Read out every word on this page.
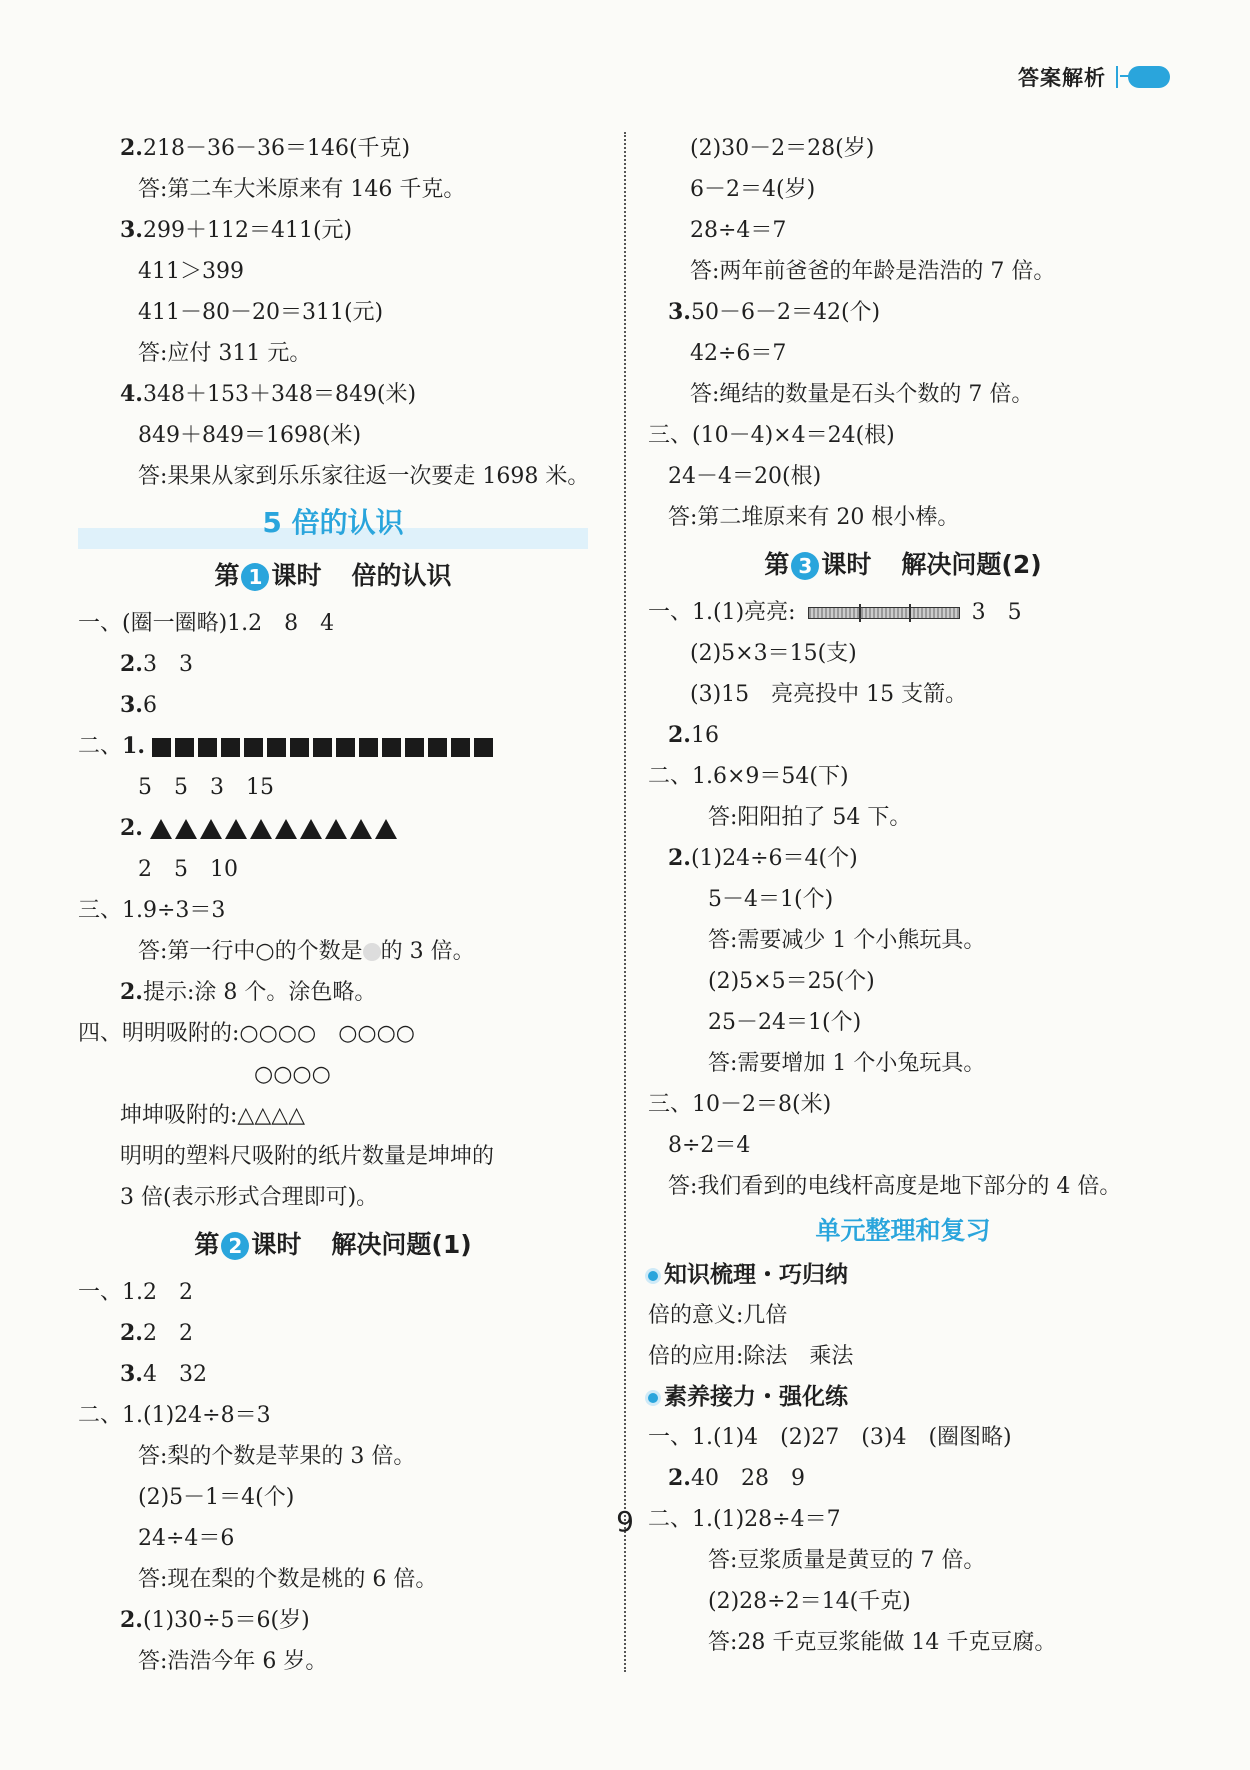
答案解析
2.218－36－36＝146(千克)
答:第二车大米原来有 146 千克。
3.299＋112＝411(元)
411＞399
411－80－20＝311(元)
答:应付 311 元。
4.348＋153＋348＝849(米)
849＋849＝1698(米)
答:果果从家到乐乐家往返一次要走 1698 米。
5 倍的认识
第 1 课时 倍的认识
一、(圈一圈略)1.2　8　4
2.3　3
3.6
二、1.
5　5　3　15
2.
2　5　10
三、1.9÷3＝3
答:第一行中○的个数是 的 3 倍。
2.提示:涂 8 个。涂色略。
四、明明吸附的:○○○○　○○○○
○○○○
坤坤吸附的:△△△△
明明的塑料尺吸附的纸片数量是坤坤的
3 倍(表示形式合理即可)。
第 2 课时 解决问题(1)
一、1.2　2
2.2　2
3.4　32
二、1.(1)24÷8＝3
答:梨的个数是苹果的 3 倍。
(2)5－1＝4(个)
24÷4＝6
答:现在梨的个数是桃的 6 倍。
2.(1)30÷5＝6(岁)
答:浩浩今年 6 岁。
(2)30－2＝28(岁)
6－2＝4(岁)
28÷4＝7
答:两年前爸爸的年龄是浩浩的 7 倍。
3.50－6－2＝42(个)
42÷6＝7
答:绳结的数量是石头个数的 7 倍。
三、(10－4)×4＝24(根)
24－4＝20(根)
答:第二堆原来有 20 根小棒。
第 3 课时 解决问题(2)
一、1.(1)亮亮:	3　5
(2)5×3＝15(支)
(3)15　亮亮投中 15 支箭。
2.16
二、1.6×9＝54(下)
答:阳阳拍了 54 下。
2.(1)24÷6＝4(个)
5－4＝1(个)
答:需要减少 1 个小熊玩具。
(2)5×5＝25(个)
25－24＝1(个)
答:需要增加 1 个小兔玩具。
三、10－2＝8(米)
8÷2＝4
答:我们看到的电线杆高度是地下部分的 4 倍。
单元整理和复习
知识梳理・巧归纳
倍的意义:几倍
倍的应用:除法　乘法
素养接力・强化练
一、1.(1)4　(2)27　(3)4　(圈图略)
2.40　28　9
二、1.(1)28÷4＝7
答:豆浆质量是黄豆的 7 倍。
(2)28÷2＝14(千克)
答:28 千克豆浆能做 14 千克豆腐。
9
